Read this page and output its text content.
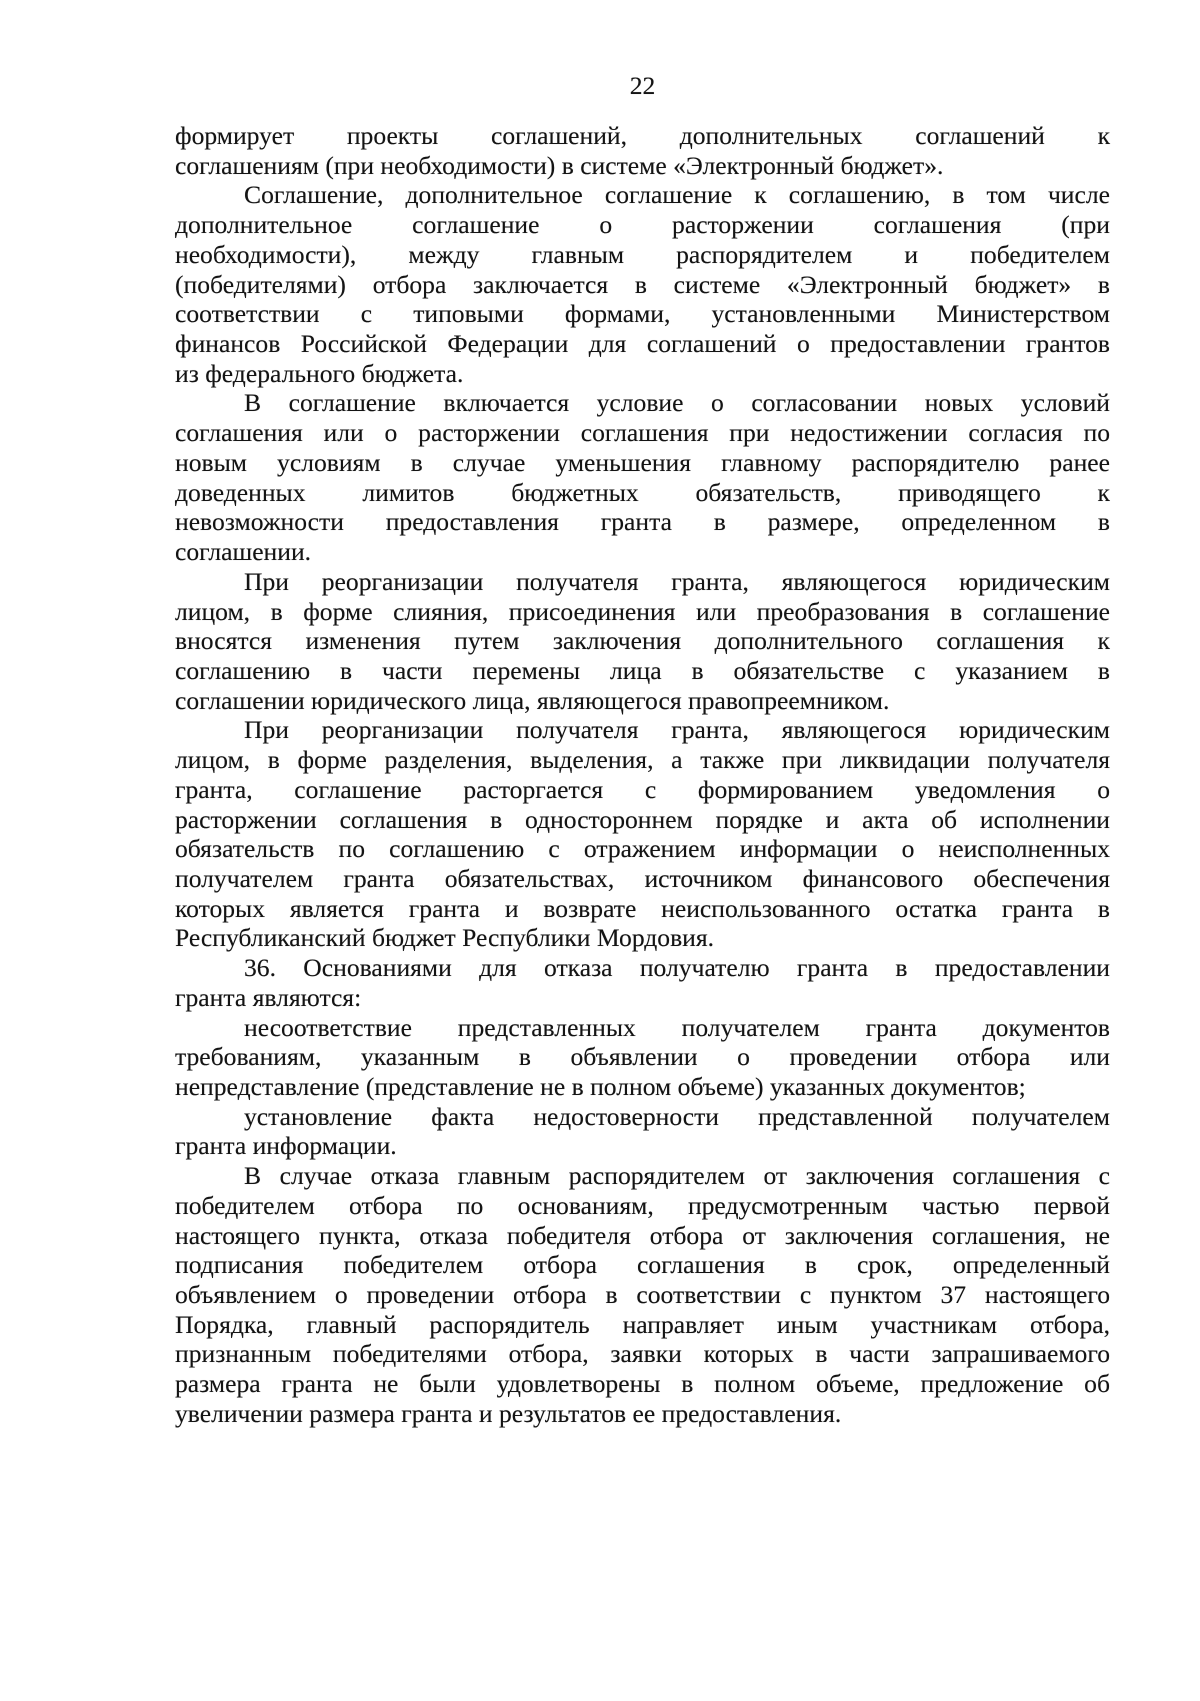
22
формирует проекты соглашений, дополнительных соглашений к
соглашениям (при необходимости) в системе «Электронный бюджет».
Соглашение, дополнительное соглашение к соглашению, в том числе
дополнительное соглашение о расторжении соглашения (при
необходимости), между главным распорядителем и победителем
(победителями) отбора заключается в системе «Электронный бюджет» в
соответствии с типовыми формами, установленными Министерством
финансов Российской Федерации для соглашений о предоставлении грантов
из федерального бюджета.
В соглашение включается условие о согласовании новых условий
соглашения или о расторжении соглашения при недостижении согласия по
новым условиям в случае уменьшения главному распорядителю ранее
доведенных лимитов бюджетных обязательств, приводящего к
невозможности предоставления гранта в размере, определенном в
соглашении.
При реорганизации получателя гранта, являющегося юридическим
лицом, в форме слияния, присоединения или преобразования в соглашение
вносятся изменения путем заключения дополнительного соглашения к
соглашению в части перемены лица в обязательстве с указанием в
соглашении юридического лица, являющегося правопреемником.
При реорганизации получателя гранта, являющегося юридическим
лицом, в форме разделения, выделения, а также при ликвидации получателя
гранта, соглашение расторгается с формированием уведомления о
расторжении соглашения в одностороннем порядке и акта об исполнении
обязательств по соглашению с отражением информации о неисполненных
получателем гранта обязательствах, источником финансового обеспечения
которых является гранта и возврате неиспользованного остатка гранта в
Республиканский бюджет Республики Мордовия.
36. Основаниями для отказа получателю гранта в предоставлении
гранта являются:
несоответствие представленных получателем гранта документов
требованиям, указанным в объявлении о проведении отбора или
непредставление (представление не в полном объеме) указанных документов;
установление факта недостоверности представленной получателем
гранта информации.
В случае отказа главным распорядителем от заключения соглашения с
победителем отбора по основаниям, предусмотренным частью первой
настоящего пункта, отказа победителя отбора от заключения соглашения, не
подписания победителем отбора соглашения в срок, определенный
объявлением о проведении отбора в соответствии с пунктом 37 настоящего
Порядка, главный распорядитель направляет иным участникам отбора,
признанным победителями отбора, заявки которых в части запрашиваемого
размера гранта не были удовлетворены в полном объеме, предложение об
увеличении размера гранта и результатов ее предоставления.
